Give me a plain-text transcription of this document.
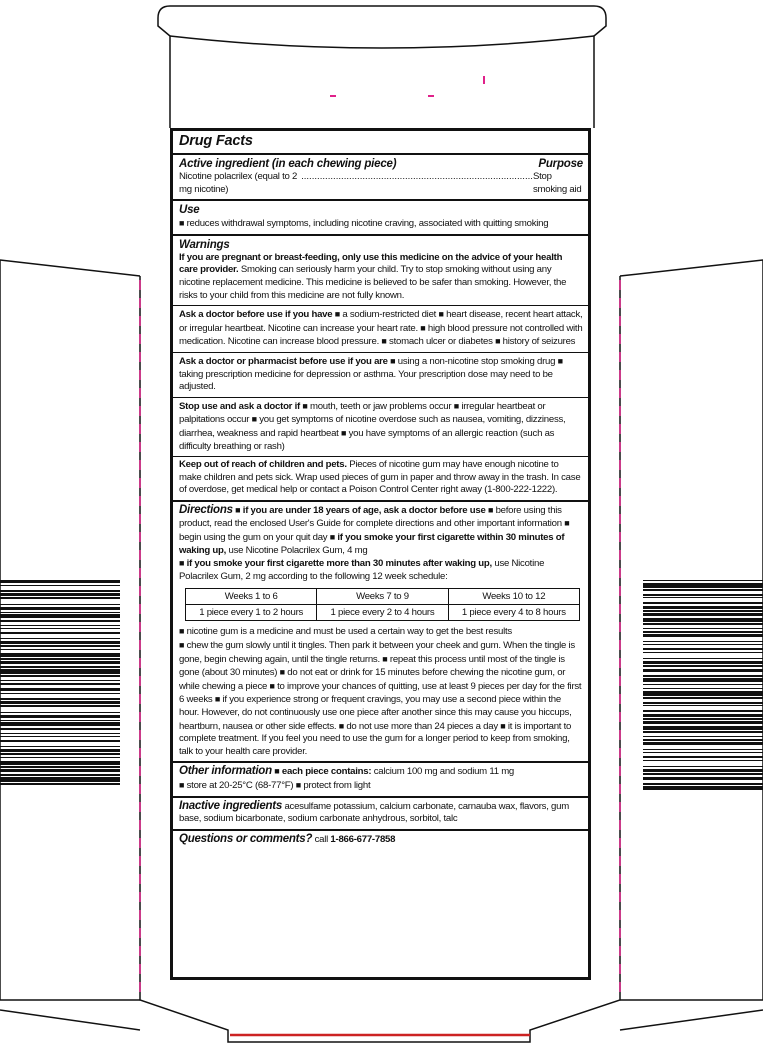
Drug Facts
Active ingredient (in each chewing piece)	Purpose
Nicotine polacrilex (equal to 2 mg nicotine)
....................................................................................... Stop smoking aid
Use

■ reduces withdrawal symptoms, including nicotine craving, associated with quitting smoking

Warnings

If you are pregnant or breast-feeding, only use this medicine on the advice of your health care provider. Smoking can seriously harm your child. Try to stop smoking without using any nicotine replacement medicine. This medicine is believed to be safer than smoking. However, the risks to your child from this medicine are not fully known.

Ask a doctor before use if you have ■ a sodium-restricted diet ■ heart disease, recent heart attack, or irregular heartbeat. Nicotine can increase your heart rate. ■ high blood pressure not controlled with medication. Nicotine can increase blood pressure. ■ stomach ulcer or diabetes ■ history of seizures

Ask a doctor or pharmacist before use if you are ■ using a non-nicotine stop smoking drug ■ taking prescription medicine for depression or asthma. Your prescription dose may need to be adjusted.

Stop use and ask a doctor if ■ mouth, teeth or jaw problems occur ■ irregular heartbeat or palpitations occur ■ you get symptoms of nicotine overdose such as nausea, vomiting, dizziness, diarrhea, weakness and rapid heartbeat ■ you have symptoms of an allergic reaction (such as difficulty breathing or rash)

Keep out of reach of children and pets. Pieces of nicotine gum may have enough nicotine to make children and pets sick. Wrap used pieces of gum in paper and throw away in the trash. In case of overdose, get medical help or contact a Poison Control Center right away (1-800-222-1222).

Directions ■ if you are under 18 years of age, ask a doctor before use ■ before using this product, read the enclosed User's Guide for complete directions and other important information ■ begin using the gum on your quit day ■ if you smoke your first cigarette within 30 minutes of waking up, use Nicotine Polacrilex Gum, 4 mg

■ if you smoke your first cigarette more than 30 minutes after waking up, use Nicotine Polacrilex Gum, 2 mg according to the following 12 week schedule:

Weeks 1 to 6	Weeks 7 to 9	Weeks 10 to 12
1 piece every 1 to 2 hours	1 piece every 2 to 4 hours	1 piece every 4 to 8 hours

■ nicotine gum is a medicine and must be used a certain way to get the best results

■ chew the gum slowly until it tingles. Then park it between your cheek and gum. When the tingle is gone, begin chewing again, until the tingle returns. ■ repeat this process until most of the tingle is gone (about 30 minutes) ■ do not eat or drink for 15 minutes before chewing the nicotine gum, or while chewing a piece ■ to improve your chances of quitting, use at least 9 pieces per day for the first 6 weeks ■ if you experience strong or frequent cravings, you may use a second piece within the hour. However, do not continuously use one piece after another since this may cause you hiccups, heartburn, nausea or other side effects. ■ do not use more than 24 pieces a day ■ it is important to complete treatment. If you feel you need to use the gum for a longer period to keep from smoking, talk to your health care provider.

Other information ■ each piece contains: calcium 100 mg and sodium 11 mg

■ store at 20-25°C (68-77°F) ■ protect from light

Inactive ingredients acesulfame potassium, calcium carbonate, carnauba wax, flavors, gum base, sodium bicarbonate, sodium carbonate anhydrous, sorbitol, talc

Questions or comments? call 1-866-677-7858
